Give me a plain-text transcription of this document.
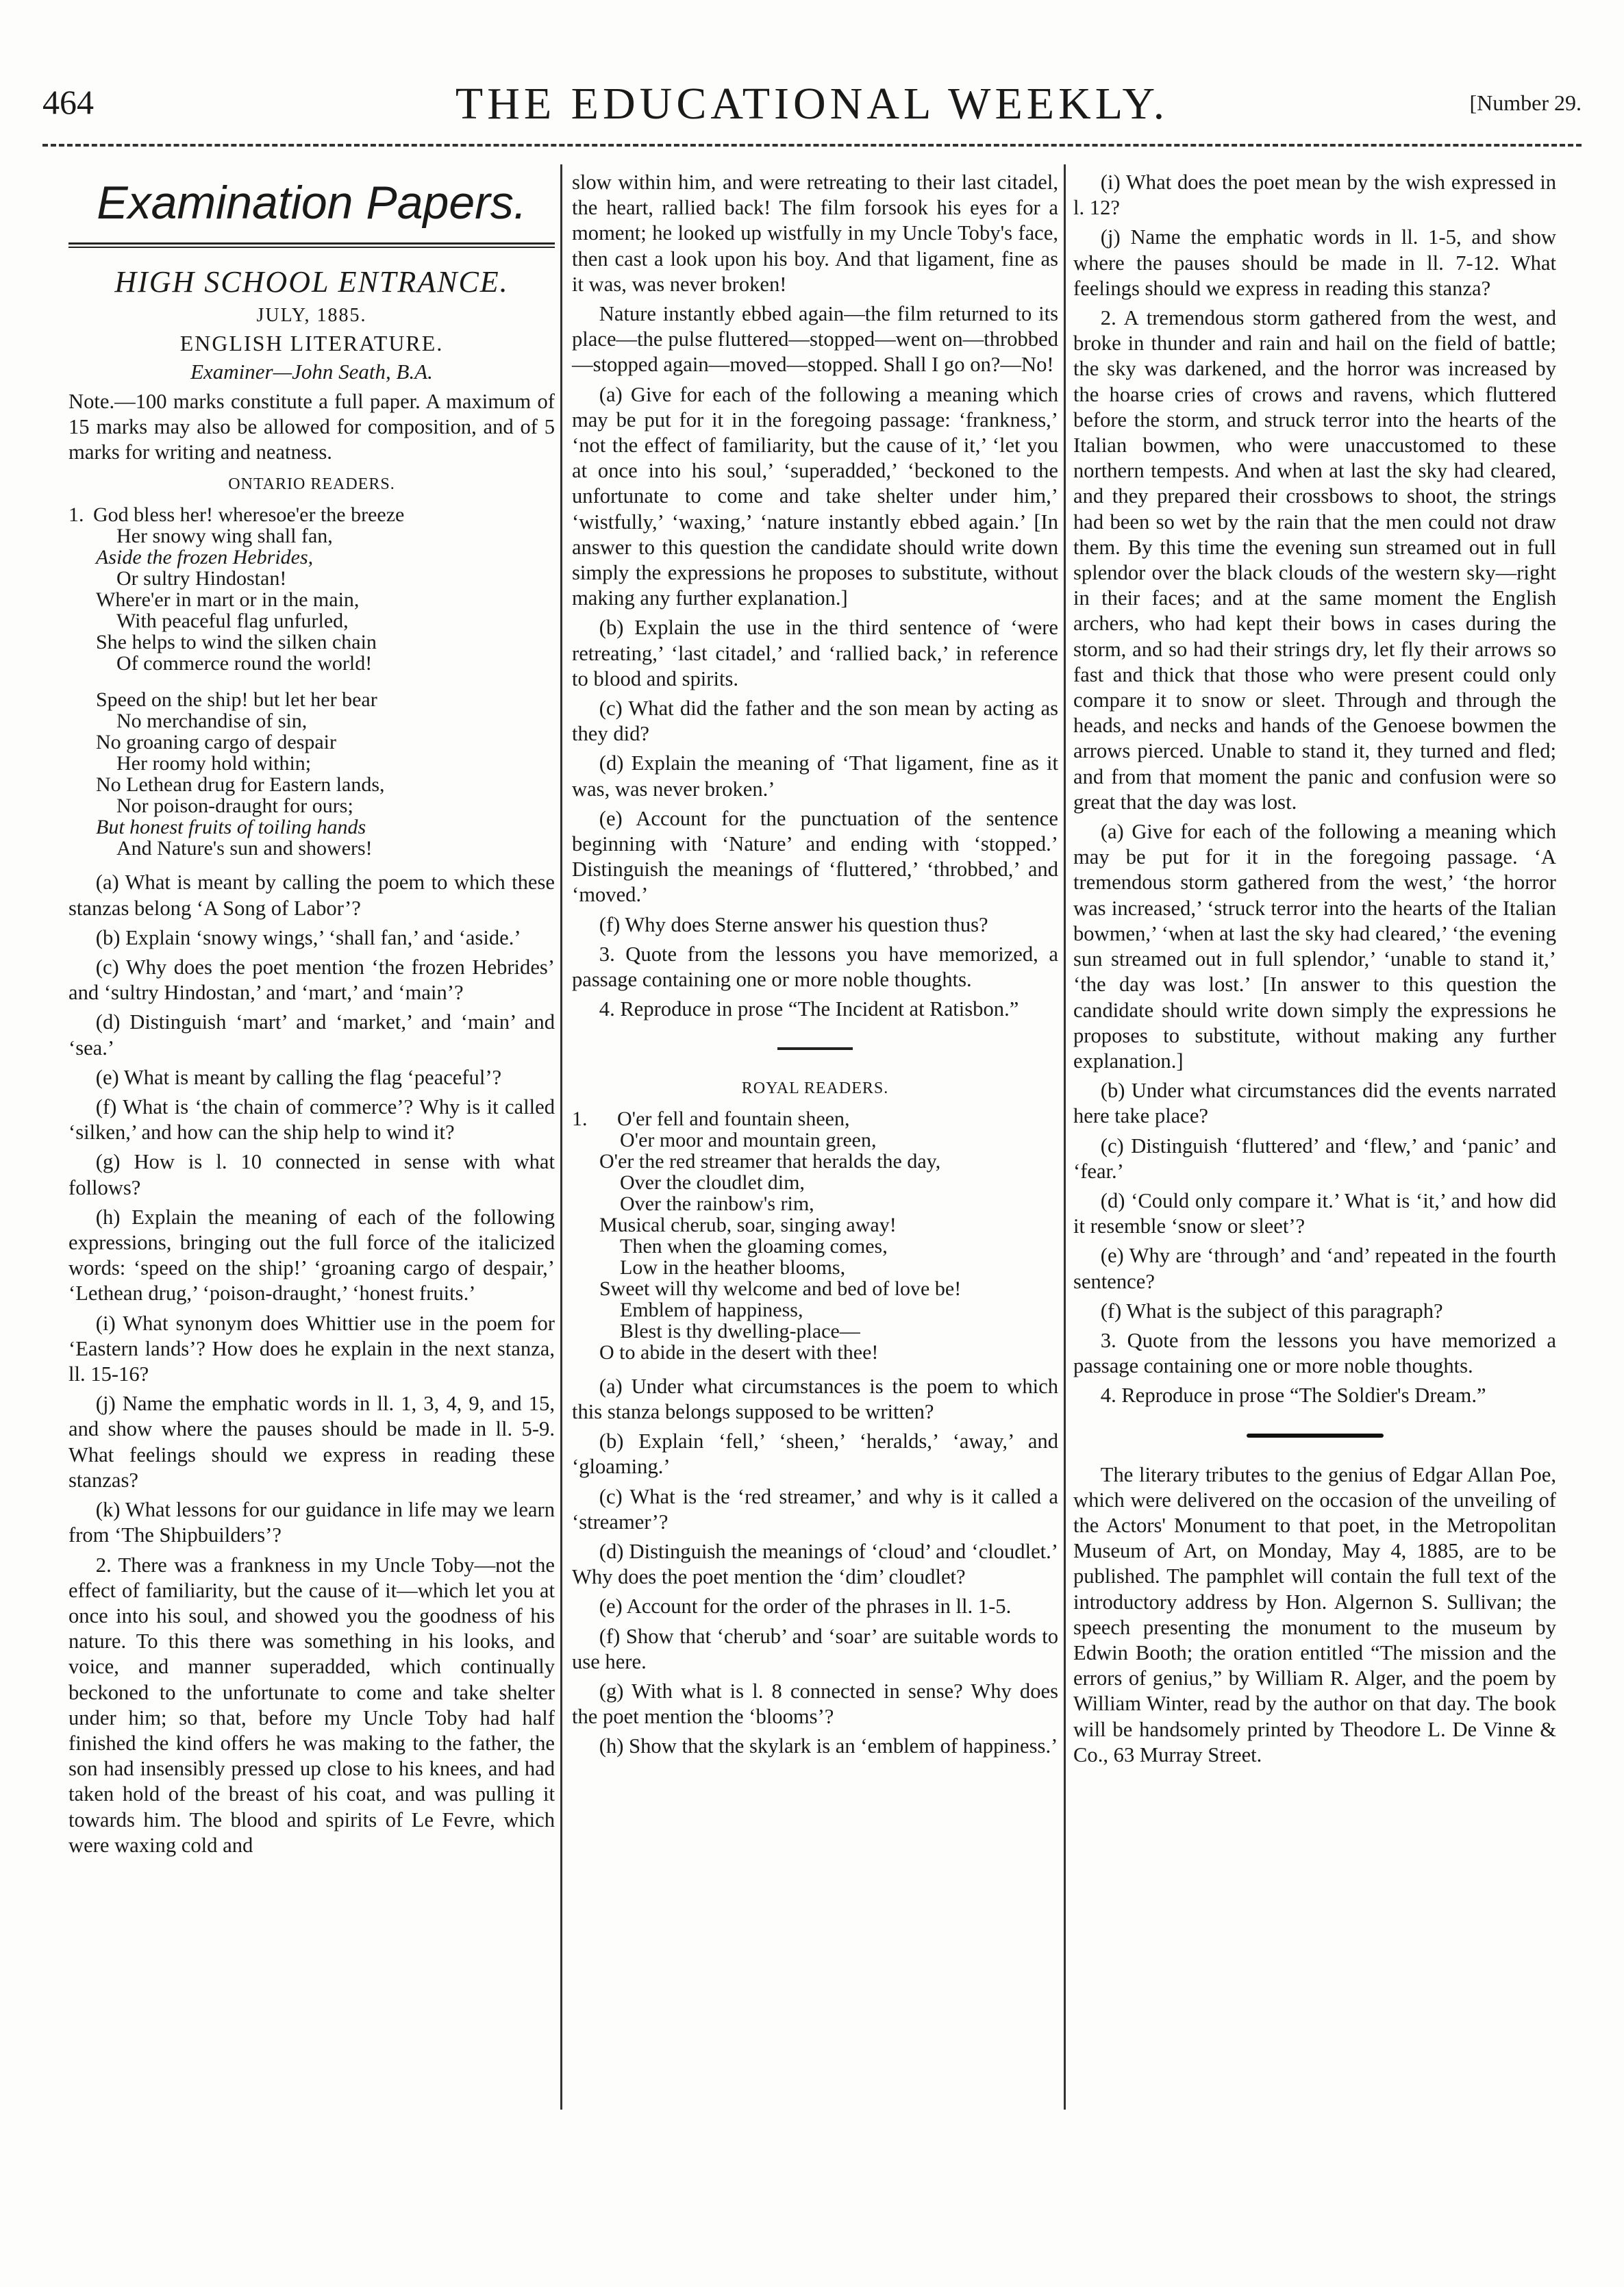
464	THE EDUCATIONAL WEEKLY.	[Number 29.
Examination Papers.
HIGH SCHOOL ENTRANCE.
JULY, 1885.
ENGLISH LITERATURE.
Examiner—John Seath, B.A.

Note.—100 marks constitute a full paper. A maximum of 15 marks may also be allowed for composition, and of 5 marks for writing and neatness.

ONTARIO READERS.
1. God bless her! wheresoe'er the breeze
Her snowy wing shall fan,
Aside the frozen Hebrides,
Or sultry Hindostan!
Where'er in mart or in the main,
With peaceful flag unfurled,
She helps to wind the silken chain
Of commerce round the world!
Speed on the ship! but let her bear
No merchandise of sin,
No groaning cargo of despair
Her roomy hold within;
No Lethean drug for Eastern lands,
Nor poison-draught for ours;
But honest fruits of toiling hands
And Nature's sun and showers!

(a) What is meant by calling the poem to which these stanzas belong ‘A Song of Labor’?

(b) Explain ‘snowy wings,’ ‘shall fan,’ and ‘aside.’

(c) Why does the poet mention ‘the frozen Hebrides’ and ‘sultry Hindostan,’ and ‘mart,’ and ‘main’?

(d) Distinguish ‘mart’ and ‘market,’ and ‘main’ and ‘sea.’

(e) What is meant by calling the flag ‘peaceful’?

(f) What is ‘the chain of commerce’? Why is it called ‘silken,’ and how can the ship help to wind it?

(g) How is l. 10 connected in sense with what follows?

(h) Explain the meaning of each of the following expressions, bringing out the full force of the italicized words: ‘speed on the ship!’ ‘groaning cargo of despair,’ ‘Lethean drug,’ ‘poison-draught,’ ‘honest fruits.’

(i) What synonym does Whittier use in the poem for ‘Eastern lands’? How does he explain in the next stanza, ll. 15-16?

(j) Name the emphatic words in ll. 1, 3, 4, 9, and 15, and show where the pauses should be made in ll. 5-9. What feelings should we express in reading these stanzas?

(k) What lessons for our guidance in life may we learn from ‘The Shipbuilders’?

2. There was a frankness in my Uncle Toby—not the effect of familiarity, but the cause of it—which let you at once into his soul, and showed you the goodness of his nature. To this there was something in his looks, and voice, and manner superadded, which continually beckoned to the unfortunate to come and take shelter under him; so that, before my Uncle Toby had half finished the kind offers he was making to the father, the son had insensibly pressed up close to his knees, and had taken hold of the breast of his coat, and was pulling it towards him. The blood and spirits of Le Fevre, which were waxing cold and

slow within him, and were retreating to their last citadel, the heart, rallied back! The film forsook his eyes for a moment; he looked up wistfully in my Uncle Toby's face, then cast a look upon his boy. And that ligament, fine as it was, was never broken!

Nature instantly ebbed again—the film returned to its place—the pulse fluttered—stopped—went on—throbbed—stopped again—moved—stopped. Shall I go on?—No!

(a) Give for each of the following a meaning which may be put for it in the foregoing passage: ‘frankness,’ ‘not the effect of familiarity, but the cause of it,’ ‘let you at once into his soul,’ ‘superadded,’ ‘beckoned to the unfortunate to come and take shelter under him,’ ‘wistfully,’ ‘waxing,’ ‘nature instantly ebbed again.’ [In answer to this question the candidate should write down simply the expressions he proposes to substitute, without making any further explanation.]

(b) Explain the use in the third sentence of ‘were retreating,’ ‘last citadel,’ and ‘rallied back,’ in reference to blood and spirits.

(c) What did the father and the son mean by acting as they did?

(d) Explain the meaning of ‘That ligament, fine as it was, was never broken.’

(e) Account for the punctuation of the sentence beginning with ‘Nature’ and ending with ‘stopped.’ Distinguish the meanings of ‘fluttered,’ ‘throbbed,’ and ‘moved.’

(f) Why does Sterne answer his question thus?

3. Quote from the lessons you have memorized, a passage containing one or more noble thoughts.

4. Reproduce in prose “The Incident at Ratisbon.”

ROYAL READERS.
1. O'er fell and fountain sheen,
O'er moor and mountain green,
O'er the red streamer that heralds the day,
Over the cloudlet dim,
Over the rainbow's rim,
Musical cherub, soar, singing away!
Then when the gloaming comes,
Low in the heather blooms,
Sweet will thy welcome and bed of love be!
Emblem of happiness,
Blest is thy dwelling-place—
O to abide in the desert with thee!

(a) Under what circumstances is the poem to which this stanza belongs supposed to be written?

(b) Explain ‘fell,’ ‘sheen,’ ‘heralds,’ ‘away,’ and ‘gloaming.’

(c) What is the ‘red streamer,’ and why is it called a ‘streamer’?

(d) Distinguish the meanings of ‘cloud’ and ‘cloudlet.’ Why does the poet mention the ‘dim’ cloudlet?

(e) Account for the order of the phrases in ll. 1-5.

(f) Show that ‘cherub’ and ‘soar’ are suitable words to use here.

(g) With what is l. 8 connected in sense? Why does the poet mention the ‘blooms’?

(h) Show that the skylark is an ‘emblem of happiness.’

(i) What does the poet mean by the wish expressed in l. 12?

(j) Name the emphatic words in ll. 1-5, and show where the pauses should be made in ll. 7-12. What feelings should we express in reading this stanza?

2. A tremendous storm gathered from the west, and broke in thunder and rain and hail on the field of battle; the sky was darkened, and the horror was increased by the hoarse cries of crows and ravens, which fluttered before the storm, and struck terror into the hearts of the Italian bowmen, who were unaccustomed to these northern tempests. And when at last the sky had cleared, and they prepared their crossbows to shoot, the strings had been so wet by the rain that the men could not draw them. By this time the evening sun streamed out in full splendor over the black clouds of the western sky—right in their faces; and at the same moment the English archers, who had kept their bows in cases during the storm, and so had their strings dry, let fly their arrows so fast and thick that those who were present could only compare it to snow or sleet. Through and through the heads, and necks and hands of the Genoese bowmen the arrows pierced. Unable to stand it, they turned and fled; and from that moment the panic and confusion were so great that the day was lost.

(a) Give for each of the following a meaning which may be put for it in the foregoing passage. ‘A tremendous storm gathered from the west,’ ‘the horror was increased,’ ‘struck terror into the hearts of the Italian bowmen,’ ‘when at last the sky had cleared,’ ‘the evening sun streamed out in full splendor,’ ‘unable to stand it,’ ‘the day was lost.’ [In answer to this question the candidate should write down simply the expressions he proposes to substitute, without making any further explanation.]

(b) Under what circumstances did the events narrated here take place?

(c) Distinguish ‘fluttered’ and ‘flew,’ and ‘panic’ and ‘fear.’

(d) ‘Could only compare it.’ What is ‘it,’ and how did it resemble ‘snow or sleet’?

(e) Why are ‘through’ and ‘and’ repeated in the fourth sentence?

(f) What is the subject of this paragraph?

3. Quote from the lessons you have memorized a passage containing one or more noble thoughts.

4. Reproduce in prose “The Soldier's Dream.”

The literary tributes to the genius of Edgar Allan Poe, which were delivered on the occasion of the unveiling of the Actors' Monument to that poet, in the Metropolitan Museum of Art, on Monday, May 4, 1885, are to be published. The pamphlet will contain the full text of the introductory address by Hon. Algernon S. Sullivan; the speech presenting the monument to the museum by Edwin Booth; the oration entitled “The mission and the errors of genius,” by William R. Alger, and the poem by William Winter, read by the author on that day. The book will be handsomely printed by Theodore L. De Vinne & Co., 63 Murray Street.
